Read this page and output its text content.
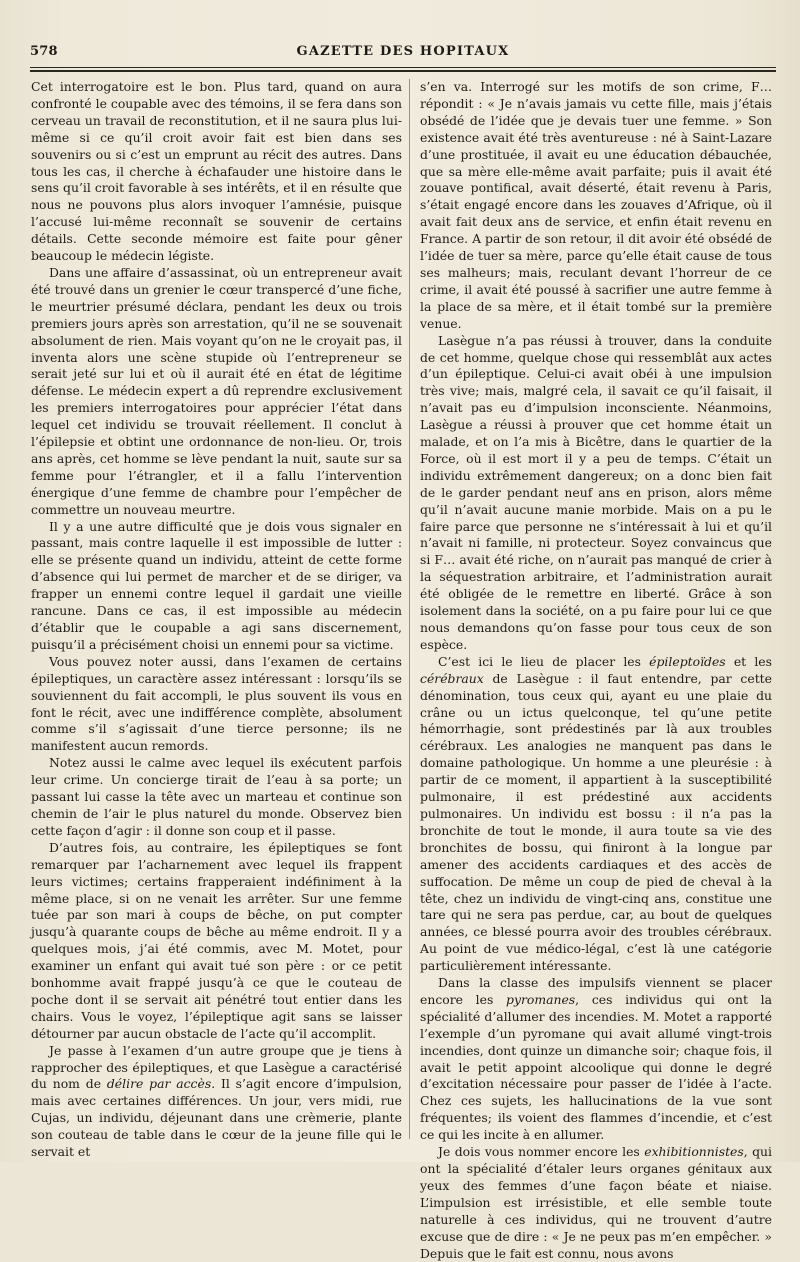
578	GAZETTE DES HOPITAUX

Cet interrogatoire est le bon. Plus tard, quand on aura confronté le coupable avec des témoins, il se fera dans son cerveau un travail de reconstitution, et il ne saura plus lui-même si ce qu’il croit avoir fait est bien dans ses souvenirs ou si c’est un emprunt au récit des autres. Dans tous les cas, il cherche à échafauder une histoire dans le sens qu’il croit favorable à ses intérêts, et il en résulte que nous ne pouvons plus alors invoquer l’amnésie, puisque l’accusé lui-même reconnaît se souvenir de certains détails. Cette seconde mémoire est faite pour gêner beaucoup le médecin légiste.

Dans une affaire d’assassinat, où un entrepreneur avait été trouvé dans un grenier le cœur transpercé d’une fiche, le meurtrier présumé déclara, pendant les deux ou trois premiers jours après son arrestation, qu’il ne se souvenait absolument de rien. Mais voyant qu’on ne le croyait pas, il inventa alors une scène stupide où l’entrepreneur se serait jeté sur lui et où il aurait été en état de légitime défense. Le médecin expert a dû reprendre exclusivement les premiers interrogatoires pour apprécier l’état dans lequel cet individu se trouvait réellement. Il conclut à l’épilepsie et obtint une ordonnance de non-lieu. Or, trois ans après, cet homme se lève pendant la nuit, saute sur sa femme pour l’étrangler, et il a fallu l’intervention énergique d’une femme de chambre pour l’empêcher de commettre un nouveau meurtre.

Il y a une autre difficulté que je dois vous signaler en passant, mais contre laquelle il est impossible de lutter : elle se présente quand un individu, atteint de cette forme d’absence qui lui permet de marcher et de se diriger, va frapper un ennemi contre lequel il gardait une vieille rancune. Dans ce cas, il est impossible au médecin d’établir que le coupable a agi sans discernement, puisqu’il a précisément choisi un ennemi pour sa victime.

Vous pouvez noter aussi, dans l’examen de certains épileptiques, un caractère assez intéressant : lorsqu’ils se souviennent du fait accompli, le plus souvent ils vous en font le récit, avec une indifférence complète, absolument comme s’il s’agissait d’une tierce personne; ils ne manifestent aucun remords.

Notez aussi le calme avec lequel ils exécutent parfois leur crime. Un concierge tirait de l’eau à sa porte; un passant lui casse la tête avec un marteau et continue son chemin de l’air le plus naturel du monde. Observez bien cette façon d’agir : il donne son coup et il passe.

D’autres fois, au contraire, les épileptiques se font remarquer par l’acharnement avec lequel ils frappent leurs victimes; certains frapperaient indéfiniment à la même place, si on ne venait les arrêter. Sur une femme tuée par son mari à coups de bêche, on put compter jusqu’à quarante coups de bêche au même endroit. Il y a quelques mois, j’ai été commis, avec M. Motet, pour examiner un enfant qui avait tué son père : or ce petit bonhomme avait frappé jusqu’à ce que le couteau de poche dont il se servait ait pénétré tout entier dans les chairs. Vous le voyez, l’épileptique agit sans se laisser détourner par aucun obstacle de l’acte qu’il accomplit.

Je passe à l’examen d’un autre groupe que je tiens à rapprocher des épileptiques, et que Lasègue a caractérisé du nom de délire par accès. Il s’agit encore d’impulsion, mais avec certaines différences. Un jour, vers midi, rue Cujas, un individu, déjeunant dans une crèmerie, plante son couteau de table dans le cœur de la jeune fille qui le servait et

s’en va. Interrogé sur les motifs de son crime, F… répondit : « Je n’avais jamais vu cette fille, mais j’étais obsédé de l’idée que je devais tuer une femme. » Son existence avait été très aventureuse : né à Saint-Lazare d’une prostituée, il avait eu une éducation débauchée, que sa mère elle-même avait parfaite; puis il avait été zouave pontifical, avait déserté, était revenu à Paris, s’était engagé encore dans les zouaves d’Afrique, où il avait fait deux ans de service, et enfin était revenu en France. A partir de son retour, il dit avoir été obsédé de l’idée de tuer sa mère, parce qu’elle était cause de tous ses malheurs; mais, reculant devant l’horreur de ce crime, il avait été poussé à sacrifier une autre femme à la place de sa mère, et il était tombé sur la première venue.

Lasègue n’a pas réussi à trouver, dans la conduite de cet homme, quelque chose qui ressemblât aux actes d’un épileptique. Celui-ci avait obéi à une impulsion très vive; mais, malgré cela, il savait ce qu’il faisait, il n’avait pas eu d’impulsion inconsciente. Néanmoins, Lasègue a réussi à prouver que cet homme était un malade, et on l’a mis à Bicêtre, dans le quartier de la Force, où il est mort il y a peu de temps. C’était un individu extrêmement dangereux; on a donc bien fait de le garder pendant neuf ans en prison, alors même qu’il n’avait aucune manie morbide. Mais on a pu le faire parce que personne ne s’intéressait à lui et qu’il n’avait ni famille, ni protecteur. Soyez convaincus que si F… avait été riche, on n’aurait pas manqué de crier à la séquestration arbitraire, et l’administration aurait été obligée de le remettre en liberté. Grâce à son isolement dans la société, on a pu faire pour lui ce que nous demandons qu’on fasse pour tous ceux de son espèce.

C’est ici le lieu de placer les épileptoïdes et les cérébraux de Lasègue : il faut entendre, par cette dénomination, tous ceux qui, ayant eu une plaie du crâne ou un ictus quelconque, tel qu’une petite hémorrhagie, sont prédestinés par là aux troubles cérébraux. Les analogies ne manquent pas dans le domaine pathologique. Un homme a une pleurésie : à partir de ce moment, il appartient à la susceptibilité pulmonaire, il est prédestiné aux accidents pulmonaires. Un individu est bossu : il n’a pas la bronchite de tout le monde, il aura toute sa vie des bronchites de bossu, qui finiront à la longue par amener des accidents cardiaques et des accès de suffocation. De même un coup de pied de cheval à la tête, chez un individu de vingt-cinq ans, constitue une tare qui ne sera pas perdue, car, au bout de quelques années, ce blessé pourra avoir des troubles cérébraux. Au point de vue médico-légal, c’est là une catégorie particulièrement intéressante.

Dans la classe des impulsifs viennent se placer encore les pyromanes, ces individus qui ont la spécialité d’allumer des incendies. M. Motet a rapporté l’exemple d’un pyromane qui avait allumé vingt-trois incendies, dont quinze un dimanche soir; chaque fois, il avait le petit appoint alcoolique qui donne le degré d’excitation nécessaire pour passer de l’idée à l’acte. Chez ces sujets, les hallucinations de la vue sont fréquentes; ils voient des flammes d’incendie, et c’est ce qui les incite à en allumer.

Je dois vous nommer encore les exhibitionnistes, qui ont la spécialité d’étaler leurs organes génitaux aux yeux des femmes d’une façon béate et niaise. L’impulsion est irrésistible, et elle semble toute naturelle à ces individus, qui ne trouvent d’autre excuse que de dire : « Je ne peux pas m’en empêcher. » Depuis que le fait est connu, nous avons
